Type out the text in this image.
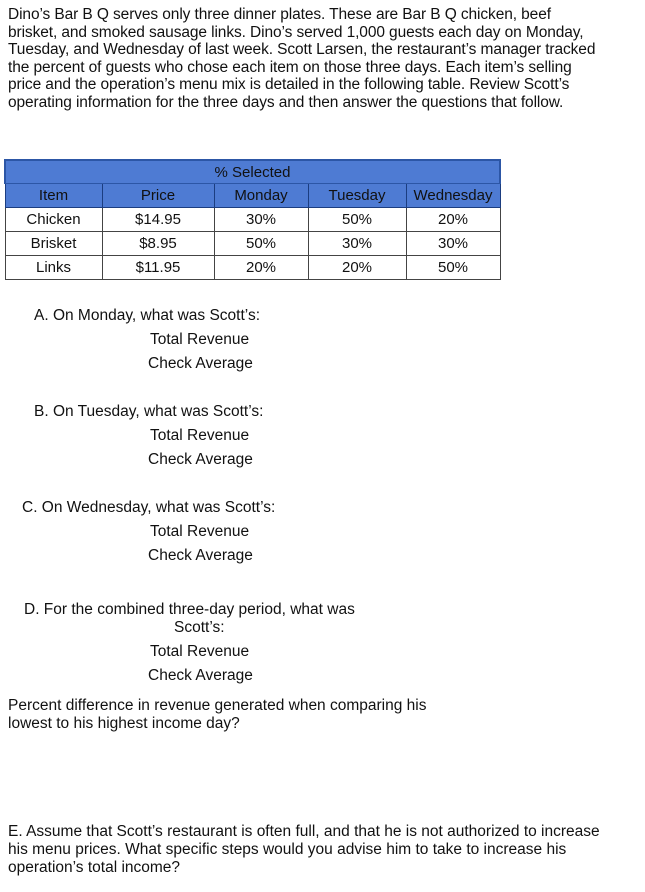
Dino’s Bar B Q serves only three dinner plates. These are Bar B Q chicken, beef brisket, and smoked sausage links. Dino’s served 1,000 guests each day on Monday, Tuesday, and Wednesday of last week. Scott Larsen, the restaurant’s manager tracked the percent of guests who chose each item on those three days. Each item’s selling price and the operation’s menu mix is detailed in the following table. Review Scott’s operating information for the three days and then answer the questions that follow.
% Selected				
Item	Price	Monday	Tuesday	Wednesday
Chicken	$14.95	30%	50%	20%
Brisket	$8.95	50%	30%	30%
Links	$11.95	20%	20%	50%
A. On Monday, what was Scott’s:
Total Revenue
Check Average
B. On Tuesday, what was Scott’s:
Total Revenue
Check Average
C. On Wednesday, what was Scott’s:
Total Revenue
Check Average
D. For the combined three-day period, what was
Scott’s:
Total Revenue
Check Average
Percent difference in revenue generated when comparing his lowest to his highest income day?
E. Assume that Scott’s restaurant is often full, and that he is not authorized to increase his menu prices. What specific steps would you advise him to take to increase his operation’s total income?
